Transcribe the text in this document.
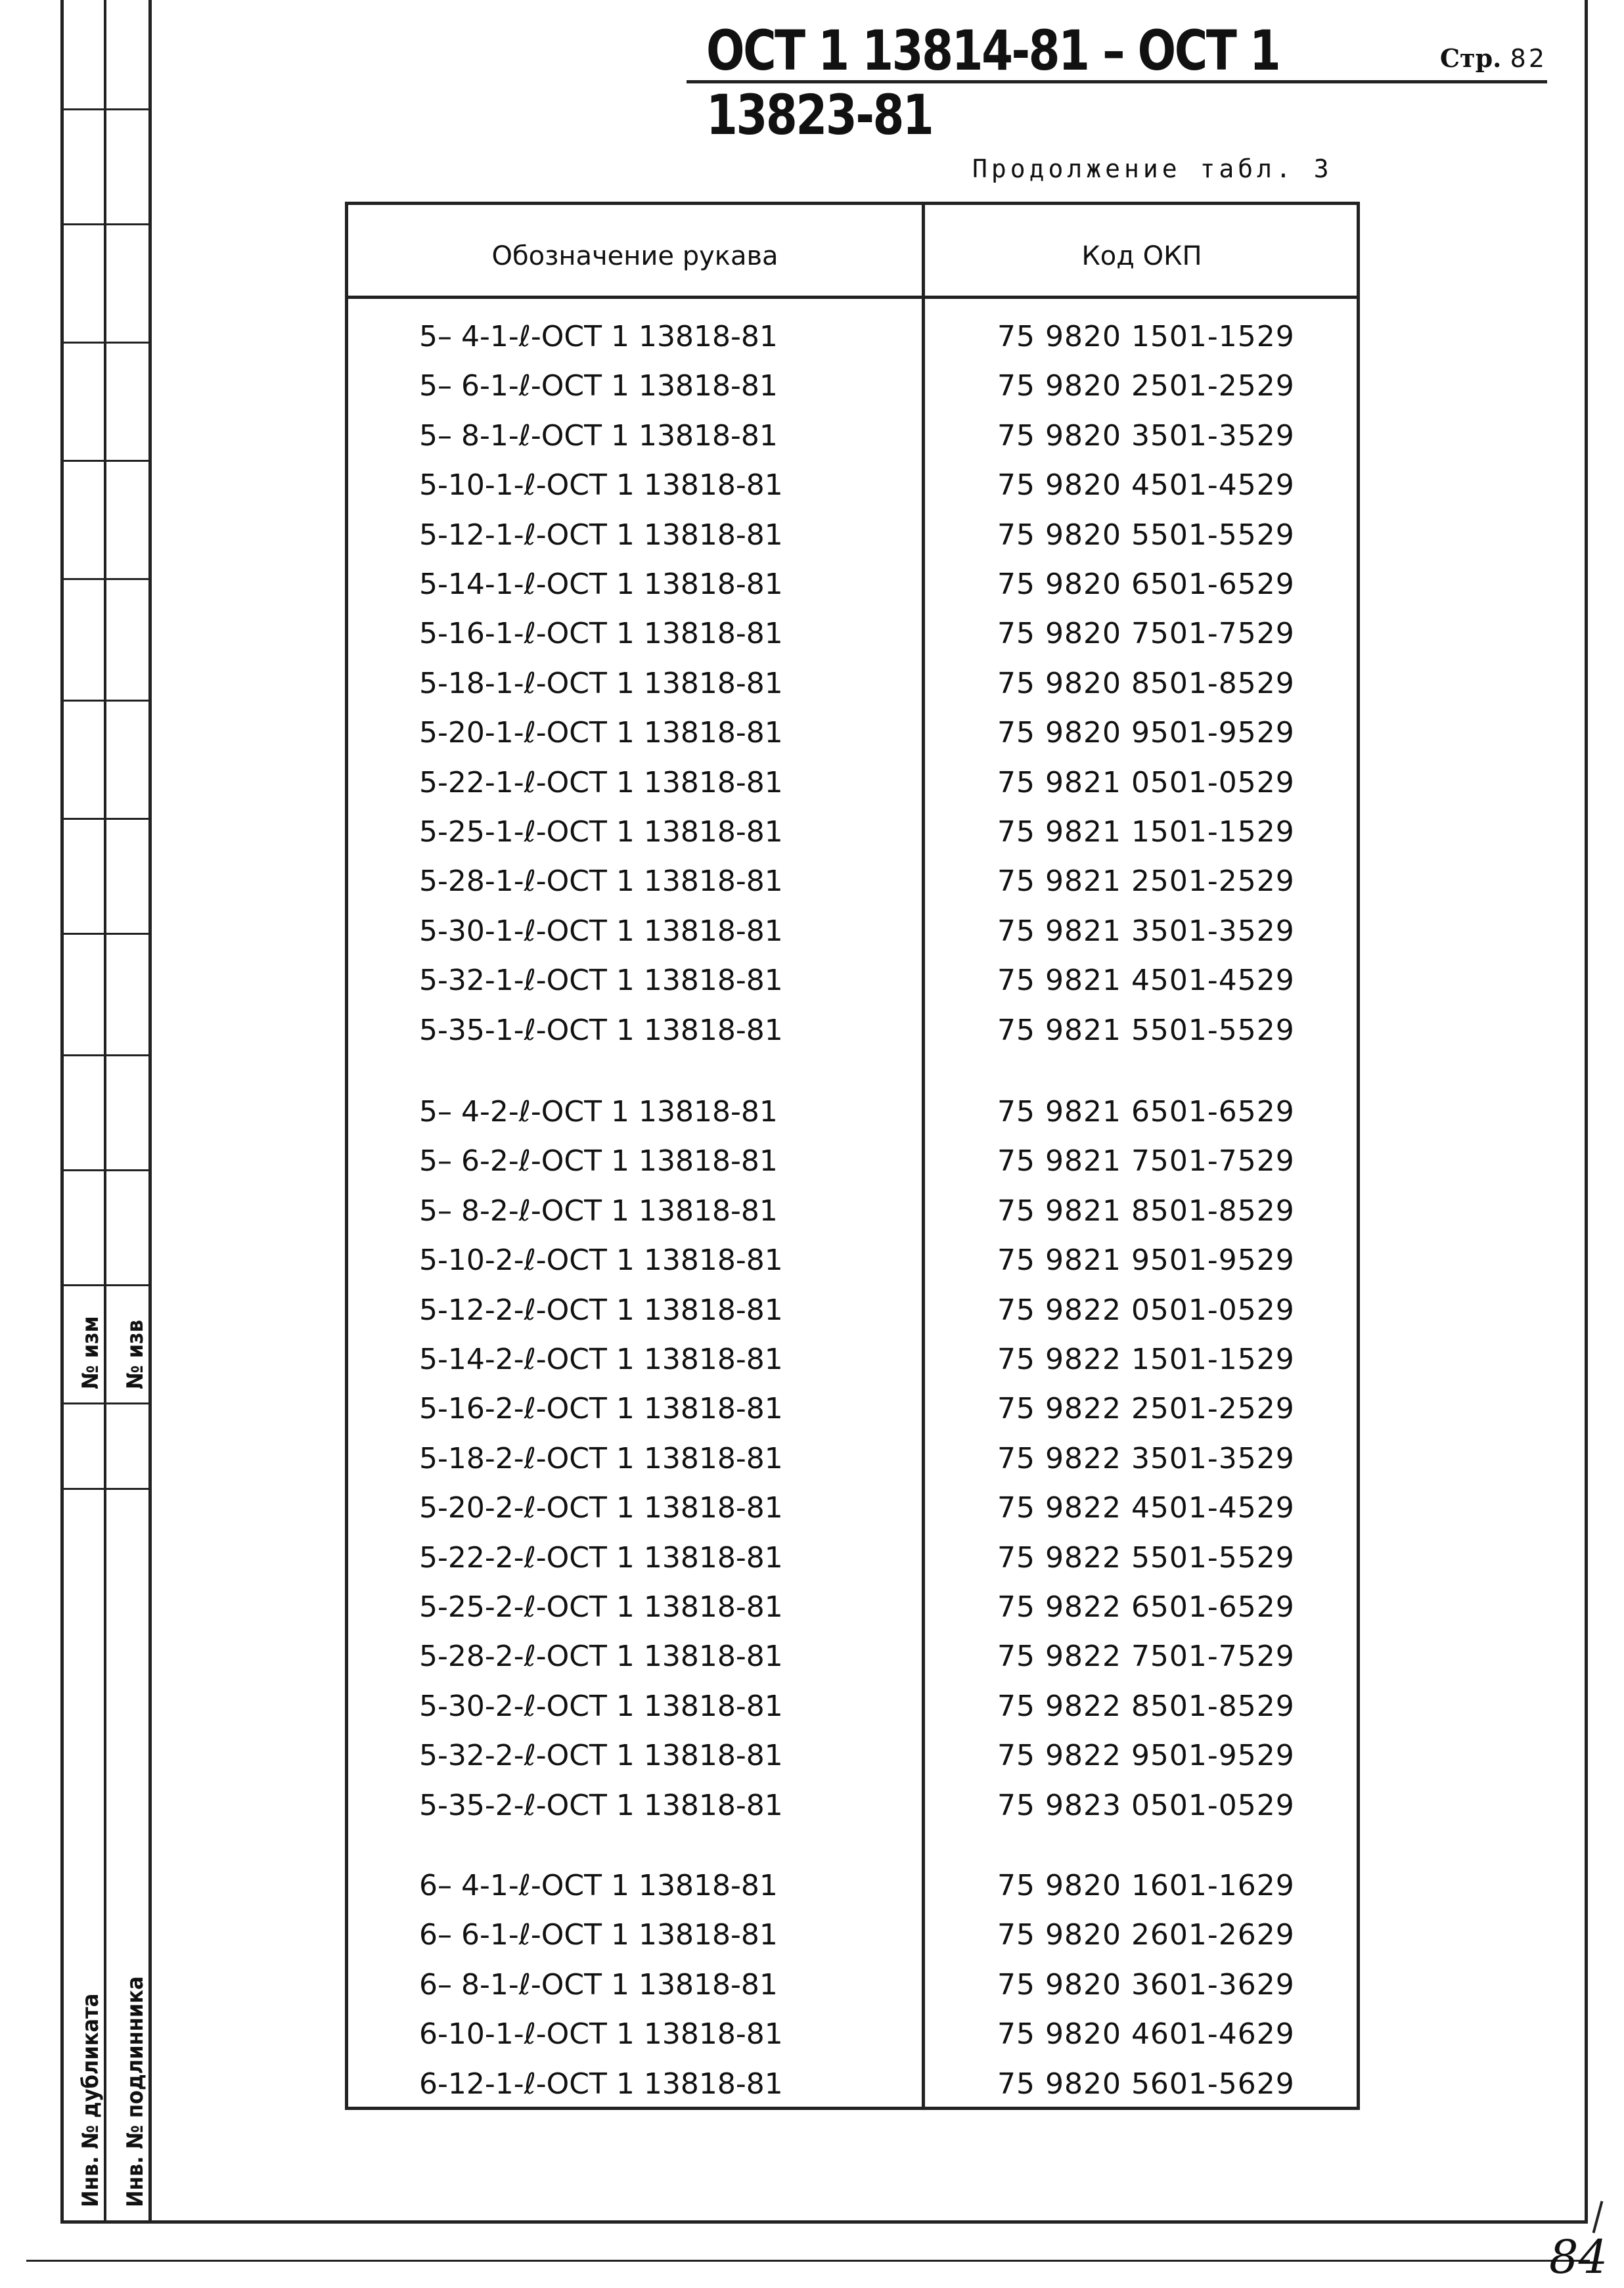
№ изм № изв
Инв. № дубликата Инв. № подлинника
ОСТ 1 13814-81 – ОСТ 1 13823-81
Стр. 82
Продолжение табл. 3
Обозначение рукава	Код ОКП
5– 4-1-ℓ-ОСТ 1 13818-81	75 9820 1501-1529
5– 6-1-ℓ-ОСТ 1 13818-81	75 9820 2501-2529
5– 8-1-ℓ-ОСТ 1 13818-81	75 9820 3501-3529
5-10-1-ℓ-ОСТ 1 13818-81	75 9820 4501-4529
5-12-1-ℓ-ОСТ 1 13818-81	75 9820 5501-5529
5-14-1-ℓ-ОСТ 1 13818-81	75 9820 6501-6529
5-16-1-ℓ-ОСТ 1 13818-81	75 9820 7501-7529
5-18-1-ℓ-ОСТ 1 13818-81	75 9820 8501-8529
5-20-1-ℓ-ОСТ 1 13818-81	75 9820 9501-9529
5-22-1-ℓ-ОСТ 1 13818-81	75 9821 0501-0529
5-25-1-ℓ-ОСТ 1 13818-81	75 9821 1501-1529
5-28-1-ℓ-ОСТ 1 13818-81	75 9821 2501-2529
5-30-1-ℓ-ОСТ 1 13818-81	75 9821 3501-3529
5-32-1-ℓ-ОСТ 1 13818-81	75 9821 4501-4529
5-35-1-ℓ-ОСТ 1 13818-81	75 9821 5501-5529
5– 4-2-ℓ-ОСТ 1 13818-81	75 9821 6501-6529
5– 6-2-ℓ-ОСТ 1 13818-81	75 9821 7501-7529
5– 8-2-ℓ-ОСТ 1 13818-81	75 9821 8501-8529
5-10-2-ℓ-ОСТ 1 13818-81	75 9821 9501-9529
5-12-2-ℓ-ОСТ 1 13818-81	75 9822 0501-0529
5-14-2-ℓ-ОСТ 1 13818-81	75 9822 1501-1529
5-16-2-ℓ-ОСТ 1 13818-81	75 9822 2501-2529
5-18-2-ℓ-ОСТ 1 13818-81	75 9822 3501-3529
5-20-2-ℓ-ОСТ 1 13818-81	75 9822 4501-4529
5-22-2-ℓ-ОСТ 1 13818-81	75 9822 5501-5529
5-25-2-ℓ-ОСТ 1 13818-81	75 9822 6501-6529
5-28-2-ℓ-ОСТ 1 13818-81	75 9822 7501-7529
5-30-2-ℓ-ОСТ 1 13818-81	75 9822 8501-8529
5-32-2-ℓ-ОСТ 1 13818-81	75 9822 9501-9529
5-35-2-ℓ-ОСТ 1 13818-81	75 9823 0501-0529
6– 4-1-ℓ-ОСТ 1 13818-81	75 9820 1601-1629
6– 6-1-ℓ-ОСТ 1 13818-81	75 9820 2601-2629
6– 8-1-ℓ-ОСТ 1 13818-81	75 9820 3601-3629
6-10-1-ℓ-ОСТ 1 13818-81	75 9820 4601-4629
6-12-1-ℓ-ОСТ 1 13818-81	75 9820 5601-5629
84
